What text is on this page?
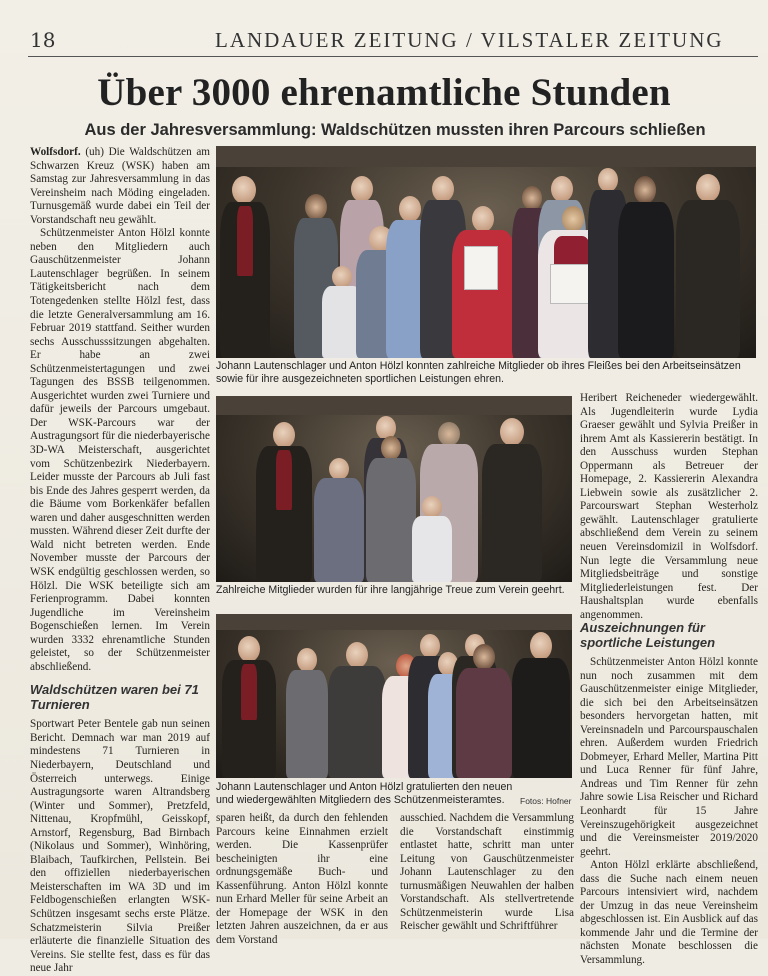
18	LANDAUER ZEITUNG / VILSTALER ZEITUNG
Über 3000 ehrenamtliche Stunden
Aus der Jahresversammlung: Waldschützen mussten ihren Parcours schließen

Wolfsdorf. (uh) Die Waldschützen am Schwarzen Kreuz (WSK) haben am Samstag zur Jahresversammlung in das Vereinsheim nach Möding eingeladen. Turnusgemäß wurde dabei ein Teil der Vorstandschaft neu gewählt.

Schützenmeister Anton Hölzl konnte neben den Mitgliedern auch Gauschützenmeister Johann Lautenschlager begrüßen. In seinem Tätigkeitsbericht nach dem Totengedenken stellte Hölzl fest, dass die letzte Generalversammlung am 16. Februar 2019 stattfand. Seither wurden sechs Ausschusssitzungen abgehalten. Er habe an zwei Schützenmeistertagungen und zwei Tagungen des BSSB teilgenommen. Ausgerichtet wurden zwei Turniere und dafür jeweils der Parcours umgebaut. Der WSK-Parcours war der Austragungsort für die niederbayerische 3D-WA Meisterschaft, ausgerichtet vom Schützenbezirk Niederbayern. Leider musste der Parcours ab Juli fast bis Ende des Jahres gesperrt werden, da die Bäume vom Borkenkäfer befallen waren und daher ausgeschnitten werden mussten. Während dieser Zeit durfte der Wald nicht betreten werden. Ende November musste der Parcours der WSK endgültig geschlossen werden, so Hölzl. Die WSK beteiligte sich am Ferienprogramm. Dabei konnten Jugendliche im Vereinsheim Bogenschießen lernen. Im Verein wurden 3332 ehrenamtliche Stunden geleistet, so der Schützenmeister abschließend.

Waldschützen waren bei 71 Turnieren

Sportwart Peter Bentele gab nun seinen Bericht. Demnach war man 2019 auf mindestens 71 Turnieren in Niederbayern, Deutschland und Österreich unterwegs. Einige Austragungsorte waren Altrandsberg (Winter und Sommer), Pretzfeld, Nittenau, Kropfmühl, Geisskopf, Arnstorf, Regensburg, Bad Birnbach (Nikolaus und Sommer), Winhöring, Blaibach, Taufkirchen, Pellstein. Bei den offiziellen niederbayerischen Meisterschaften im WA 3D und im Feldbogenschießen erlangten WSK-Schützen insgesamt sechs erste Plätze. Schatzmeisterin Silvia Preißer erläuterte die finanzielle Situation des Vereins. Sie stellte fest, dass es für das neue Jahr

Johann Lautenschlager und Anton Hölzl konnten zahlreiche Mitglieder ob ihres Fleißes bei den Arbeitseinsätzen sowie für ihre ausgezeichneten sportlichen Leistungen ehren.
Zahlreiche Mitglieder wurden für ihre langjährige Treue zum Verein geehrt.

Heribert Reicheneder wiedergewählt. Als Jugendleiterin wurde Lydia Graeser gewählt und Sylvia Preißer in ihrem Amt als Kassiererin bestätigt. In den Ausschuss wurden Stephan Oppermann als Betreuer der Homepage, 2. Kassiererin Alexandra Liebwein sowie als zusätzlicher 2. Parcourswart Stephan Westerholz gewählt. Lautenschlager gratulierte abschließend dem Verein zu seinem neuen Vereinsdomizil in Wolfsdorf. Nun legte die Versammlung neue Mitgliedsbeiträge und sonstige Mitgliederleistungen fest. Der Haushaltsplan wurde ebenfalls angenommen.

Auszeichnungen für sportliche Leistungen

Schützenmeister Anton Hölzl konnte nun noch zusammen mit dem Gauschützenmeister einige Mitglieder, die sich bei den Arbeitseinsätzen besonders hervorgetan hatten, mit Vereinsnadeln und Parcourspauschalen ehren. Außerdem wurden Friedrich Dobmeyer, Erhard Meller, Martina Pitt und Luca Renner für fünf Jahre, Andreas und Tim Renner für zehn Jahre sowie Lisa Reischer und Richard Leonhardt für 15 Jahre Vereinszugehörigkeit ausgezeichnet und die Vereinsmeister 2019/2020 geehrt.

Anton Hölzl erklärte abschließend, dass die Suche nach einem neuen Parcours intensiviert wird, nachdem der Umzug in das neue Vereinsheim abgeschlossen ist. Ein Ausblick auf das kommende Jahr und die Termine der nächsten Monate beschlossen die Versammlung.

Johann Lautenschlager und Anton Hölzl gratulierten den neuen und wiedergewählten Mitgliedern des Schützenmeisteramtes.	Fotos: Hofner
sparen heißt, da durch den fehlenden Parcours keine Einnahmen erzielt werden. Die Kassenprüfer bescheinigten ihr eine ordnungsgemäße Buch- und Kassenführung. Anton Hölzl konnte nun Erhard Meller für seine Arbeit an der Homepage der WSK in den letzten Jahren auszeichnen, da er aus dem Vorstand
ausschied. Nachdem die Versammlung die Vorstandschaft einstimmig entlastet hatte, schritt man unter Leitung von Gauschützenmeister Johann Lautenschlager zu den turnusmäßigen Neuwahlen der halben Vorstandschaft. Als stellvertretende Schützenmeisterin wurde Lisa Reischer gewählt und Schriftführer
